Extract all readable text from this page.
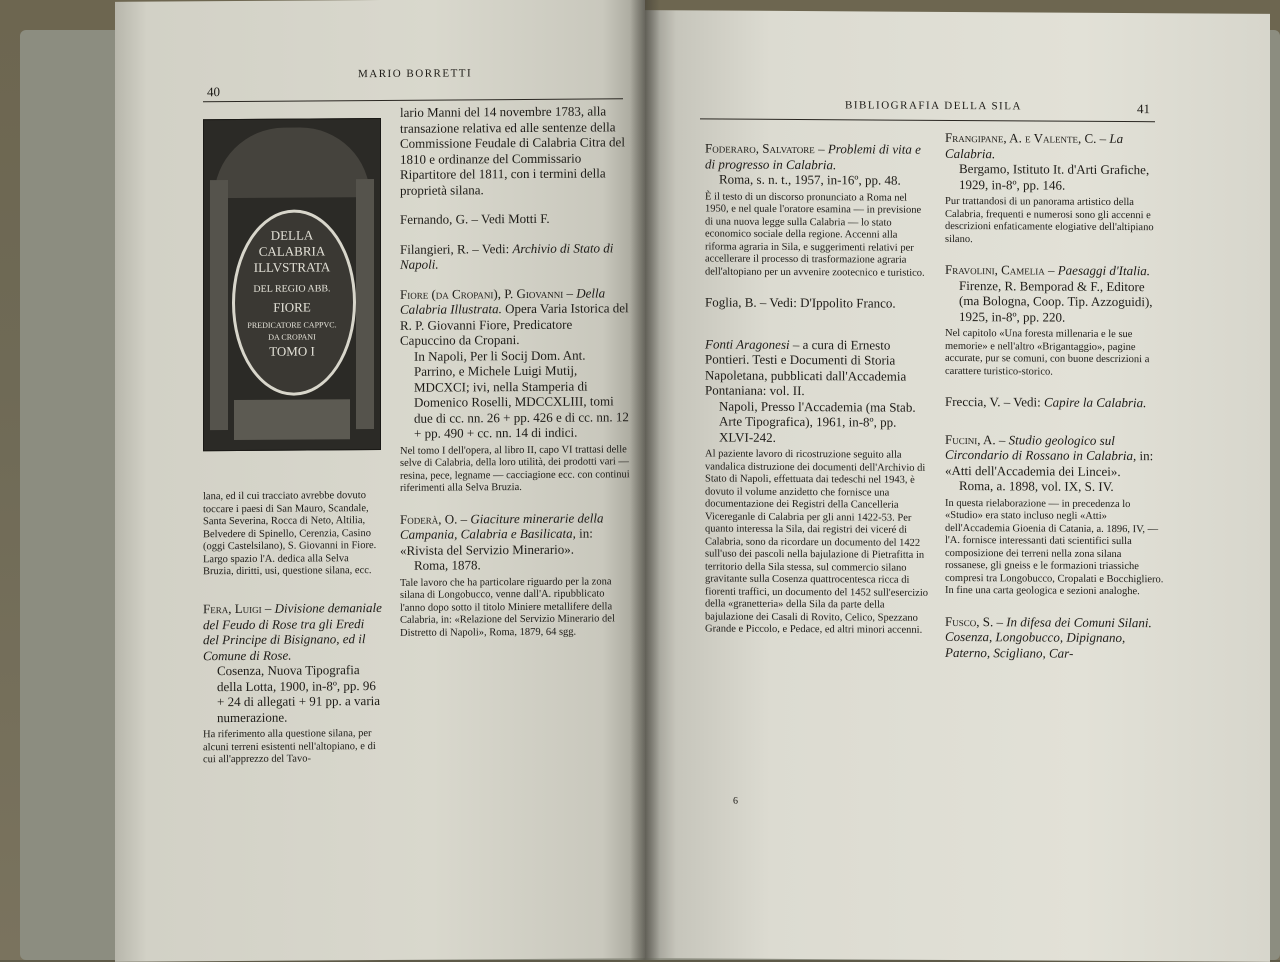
40
MARIO BORRETTI
DELLA
CALABRIA
ILLVSTRATA
DEL REGIO ABB.
FIORE
PREDICATORE CAPPVC.
DA CROPANI
TOMO I
lana, ed il cui tracciato avrebbe dovuto toccare i paesi di San Mauro, Scandale, Santa Severina, Rocca di Neto, Altilia, Belvedere di Spinello, Cerenzia, Casino (oggi Castelsilano), S. Giovanni in Fiore. Largo spazio l'A. dedica alla Selva Bruzia, diritti, usi, questione silana, ecc.
Fera, Luigi – Divisione demaniale del Feudo di Rose tra gli Eredi del Principe di Bisignano, ed il Comune di Rose.
Cosenza, Nuova Tipografia della Lotta, 1900, in-8º, pp. 96 + 24 di allegati + 91 pp. a varia numerazione.
Ha riferimento alla questione silana, per alcuni terreni esistenti nell'altopiano, e di cui all'apprezzo del Tavo-
lario Manni del 14 novembre 1783, alla transazione relativa ed alle sentenze della Commissione Feudale di Calabria Citra del 1810 e ordinanze del Commissario Ripartitore del 1811, con i termini della proprietà silana.
Fernando, G. – Vedi Motti F.
Filangieri, R. – Vedi: Archivio di Stato di Napoli.
Fiore (da Cropani), P. Giovanni – Della Calabria Illustrata. Opera Varia Istorica del R. P. Giovanni Fiore, Predicatore Capuccino da Cropani.
In Napoli, Per li Socij Dom. Ant. Parrino, e Michele Luigi Mutij, MDCXCI; ivi, nella Stamperia di Domenico Roselli, MDCCXLIII, tomi due di cc. nn. 26 + pp. 426 e di cc. nn. 12 + pp. 490 + cc. nn. 14 di indici.
Nel tomo I dell'opera, al libro II, capo VI trattasi delle selve di Calabria, della loro utilità, dei prodotti vari — resina, pece, legname — cacciagione ecc. con continui riferimenti alla Selva Bruzia.
Foderà, O. – Giaciture minerarie della Campania, Calabria e Basilicata, in: «Rivista del Servizio Minerario».
Roma, 1878.
Tale lavoro che ha particolare riguardo per la zona silana di Longobucco, venne dall'A. ripubblicato l'anno dopo sotto il titolo Miniere metallifere della Calabria, in: «Relazione del Servizio Minerario del Distretto di Napoli», Roma, 1879, 64 sgg.
BIBLIOGRAFIA DELLA SILA	41
Foderaro, Salvatore – Problemi di vita e di progresso in Calabria.
Roma, s. n. t., 1957, in-16º, pp. 48.
È il testo di un discorso pronunciato a Roma nel 1950, e nel quale l'oratore esamina — in previsione di una nuova legge sulla Calabria — lo stato economico sociale della regione. Accenni alla riforma agraria in Sila, e suggerimenti relativi per accellerare il processo di trasformazione agraria dell'altopiano per un avvenire zootecnico e turistico.
Foglia, B. – Vedi: D'Ippolito Franco.
Fonti Aragonesi – a cura di Ernesto Pontieri. Testi e Documenti di Storia Napoletana, pubblicati dall'Accademia Pontaniana: vol. II.
Napoli, Presso l'Accademia (ma Stab. Arte Tipografica), 1961, in-8º, pp. XLVI-242.
Al paziente lavoro di ricostruzione seguito alla vandalica distruzione dei documenti dell'Archivio di Stato di Napoli, effettuata dai tedeschi nel 1943, è dovuto il volume anzidetto che fornisce una documentazione dei Registri della Cancelleria Vicereganle di Calabria per gli anni 1422-53. Per quanto interessa la Sila, dai registri dei viceré di Calabria, sono da ricordare un documento del 1422 sull'uso dei pascoli nella bajulazione di Pietrafitta in territorio della Sila stessa, sul commercio silano gravitante sulla Cosenza quattrocentesca ricca di fiorenti traffici, un documento del 1452 sull'esercizio della «granetteria» della Sila da parte della bajulazione dei Casali di Rovito, Celico, Spezzano Grande e Piccolo, e Pedace, ed altri minori accenni.
Frangipane, A. e Valente, C. – La Calabria.
Bergamo, Istituto It. d'Arti Grafiche, 1929, in-8º, pp. 146.
Pur trattandosi di un panorama artistico della Calabria, frequenti e numerosi sono gli accenni e descrizioni enfaticamente elogiative dell'altipiano silano.
Fravolini, Camelia – Paesaggi d'Italia.
Firenze, R. Bemporad & F., Editore (ma Bologna, Coop. Tip. Azzoguidi), 1925, in-8º, pp. 220.
Nel capitolo «Una foresta millenaria e le sue memorie» e nell'altro «Brigantaggio», pagine accurate, pur se comuni, con buone descrizioni a carattere turistico-storico.
Freccia, V. – Vedi: Capire la Calabria.
Fucini, A. – Studio geologico sul Circondario di Rossano in Calabria, in: «Atti dell'Accademia dei Lincei».
Roma, a. 1898, vol. IX, S. IV.
In questa rielaborazione — in precedenza lo «Studio» era stato incluso negli «Atti» dell'Accademia Gioenia di Catania, a. 1896, IV, — l'A. fornisce interessanti dati scientifici sulla composizione dei terreni nella zona silana rossanese, gli gneiss e le formazioni triassiche compresi tra Longobucco, Cropalati e Bocchigliero. In fine una carta geologica e sezioni analoghe.
Fusco, S. – In difesa dei Comuni Silani. Cosenza, Longobucco, Dipignano, Paterno, Scigliano, Car-
6
